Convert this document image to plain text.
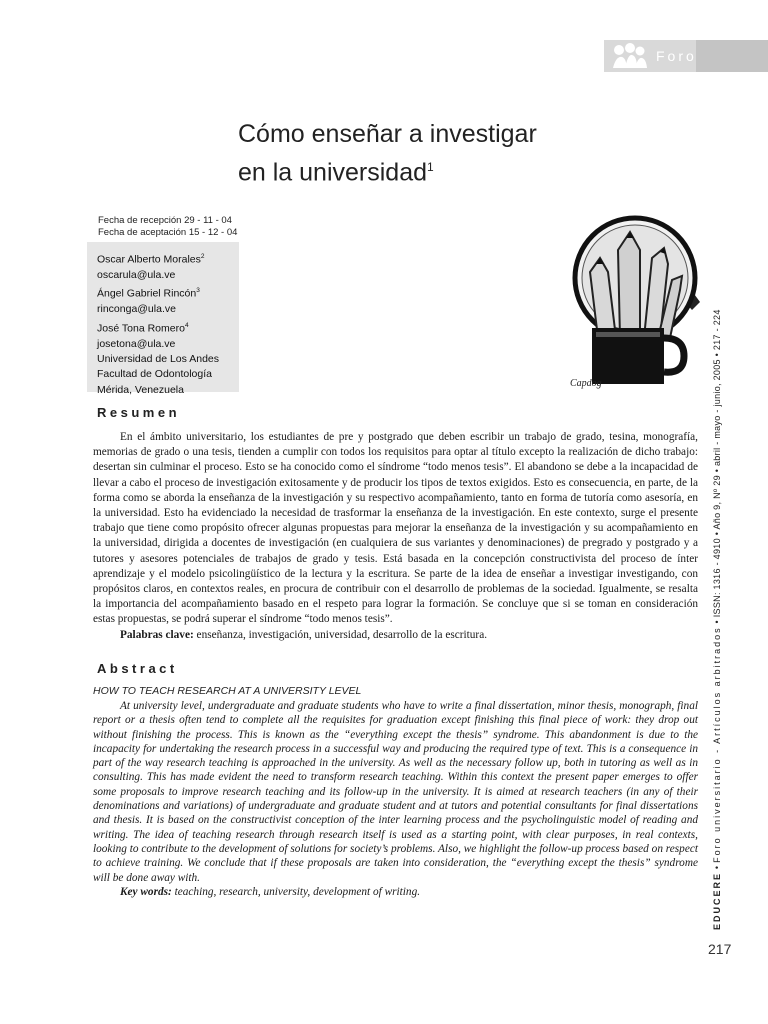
Foro
Cómo enseñar a investigar
en la universidad$^1$
Fecha de recepción 29 - 11 - 04
Fecha de aceptación 15 - 12 - 04
Oscar Alberto Morales$^2$
oscarula@ula.ve
Ángel Gabriel Rincón$^3$
rinconga@ula.ve
José Tona Romero$^4$
josetona@ula.ve
Universidad de Los Andes
Facultad de Odontología
Mérida, Venezuela
Capdog
EDUCERE • Foro universitario - Artículos arbitrados • ISSN: 1316 - 4910 • Año 9, Nº 29 • abril - mayo - junio, 2005 • 217 - 224
Resumen

En el ámbito universitario, los estudiantes de pre y postgrado que deben escribir un trabajo de grado, tesina, monografía, memorias de grado o una tesis, tienden a cumplir con todos los requisitos para optar al título excepto la realización de dicho trabajo: desertan sin culminar el proceso. Esto se ha conocido como el síndrome “todo menos tesis”. El abandono se debe a la incapacidad de llevar a cabo el proceso de investigación exitosamente y de producir los tipos de textos exigidos. Esto es consecuencia, en parte, de la forma como se aborda la enseñanza de la investigación y su respectivo acompañamiento, tanto en forma de tutoría como asesoría, en la universidad. Esto ha evidenciado la necesidad de trasformar la enseñanza de la investigación. En este contexto, surge el presente trabajo que tiene como propósito ofrecer algunas propuestas para mejorar la enseñanza de la investigación y su acompañamiento en la universidad, dirigida a docentes de investigación (en cualquiera de sus variantes y denominaciones) de pregrado y postgrado y a tutores y asesores potenciales de trabajos de grado y tesis. Está basada en la concepción constructivista del proceso de ínter aprendizaje y el modelo psicolingüístico de la lectura y la escritura. Se parte de la idea de enseñar a investigar investigando, con propósitos claros, en contextos reales, en procura de contribuir con el desarrollo de problemas de la sociedad. Igualmente, se resalta la importancia del acompañamiento basado en el respeto para lograr la formación. Se concluye que si se toman en consideración estas propuestas, se podrá superar el síndrome “todo menos tesis”.

Palabras clave: enseñanza, investigación, universidad, desarrollo de la escritura.

Abstract
HOW TO TEACH RESEARCH AT A UNIVERSITY LEVEL

At university level, undergraduate and graduate students who have to write a final dissertation, minor thesis, monograph, final report or a thesis often tend to complete all the requisites for graduation except finishing this final piece of work: they drop out without finishing the process. This is known as the “everything except the thesis” syndrome. This abandonment is due to the incapacity for undertaking the research process in a successful way and producing the required type of text. This is a consequence in part of the way research teaching is approached in the university. As well as the necessary follow up, both in tutoring as well as in consulting. This has made evident the need to transform research teaching. Within this context the present paper emerges to offer some proposals to improve research teaching and its follow-up in the university. It is aimed at research teachers (in any of their denominations and variations) of undergraduate and graduate student and at tutors and potential consultants for final dissertations and thesis. It is based on the constructivist conception of the inter learning process and the psycholinguistic model of reading and writing. The idea of teaching research through research itself is used as a starting point, with clear purposes, in real contexts, looking to contribute to the development of solutions for society’s problems. Also, we highlight the follow-up process based on respect to achieve training. We conclude that if these proposals are taken into consideration, the “everything except the thesis” syndrome will be done away with.

Key words: teaching, research, university, development of writing.

217
